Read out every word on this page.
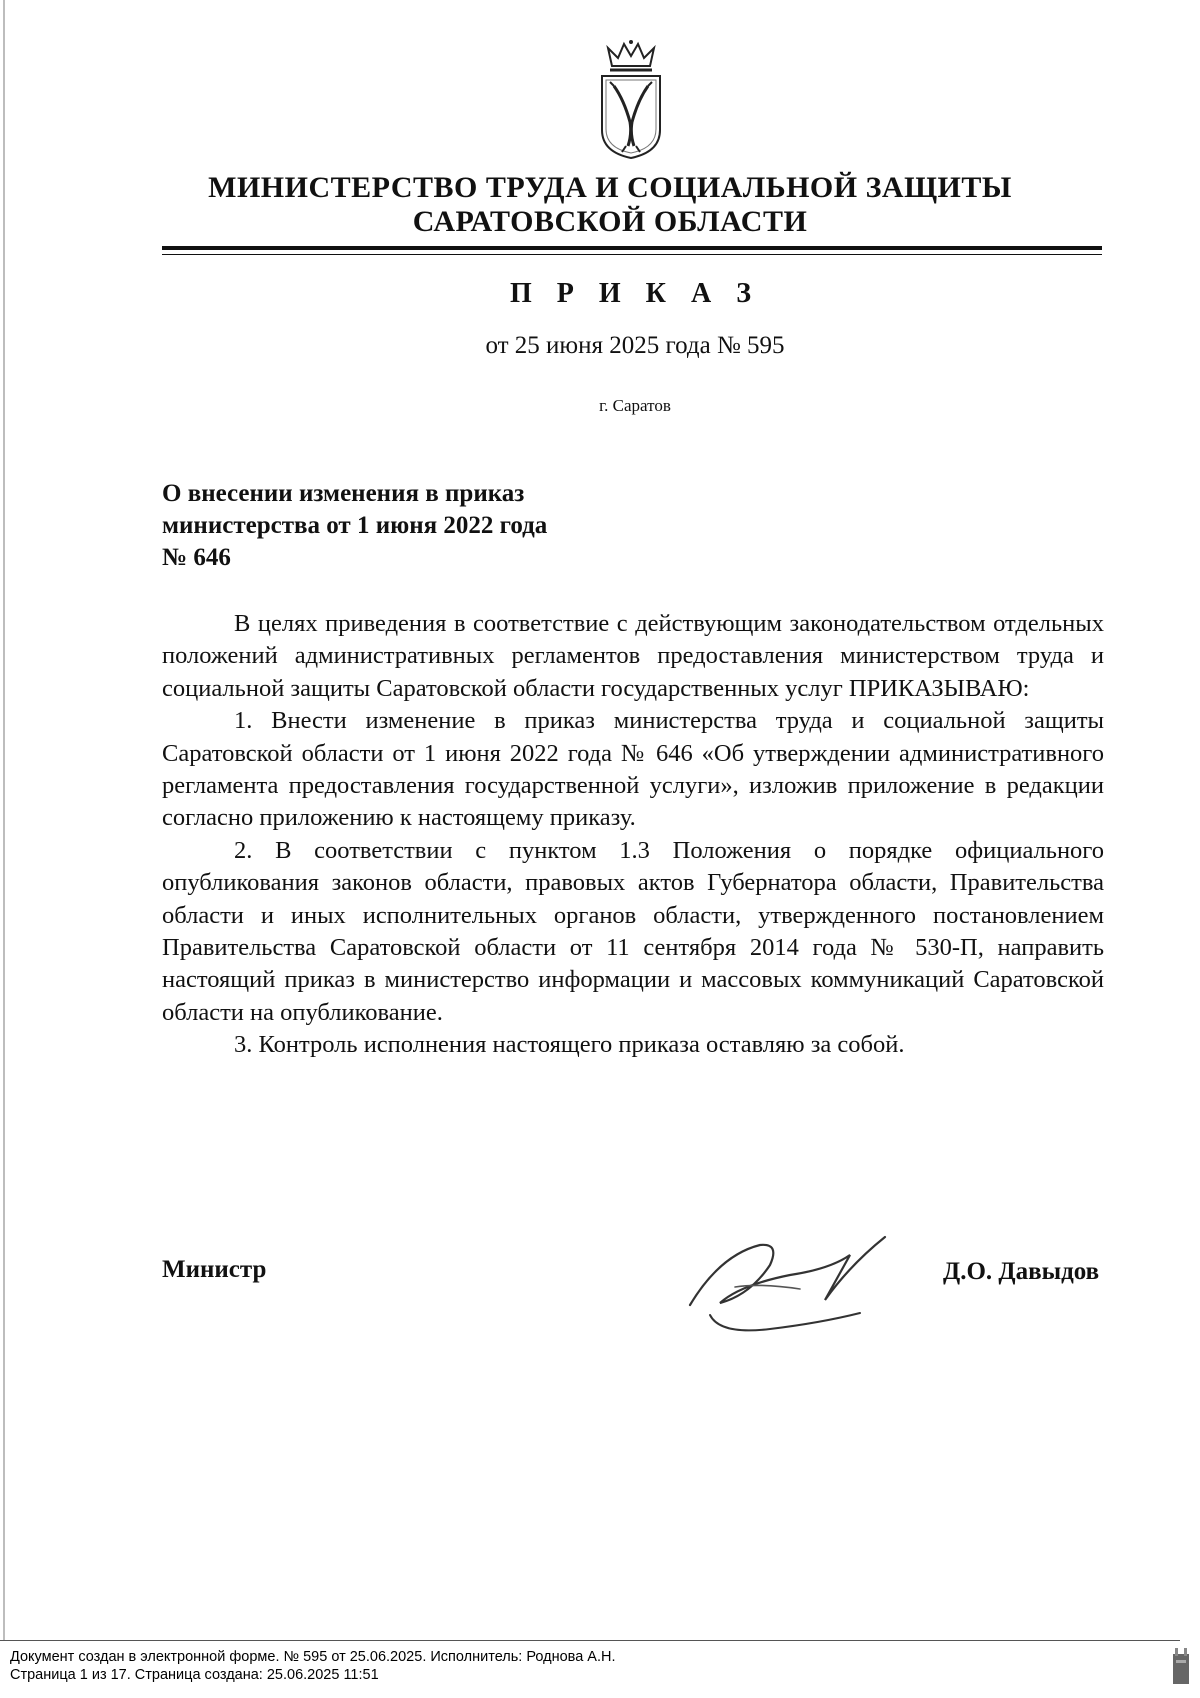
МИНИСТЕРСТВО ТРУДА И СОЦИАЛЬНОЙ ЗАЩИТЫ
САРАТОВСКОЙ ОБЛАСТИ
П Р И К А З
от 25 июня 2025 года № 595
г. Саратов
О внесении изменения в приказ
министерства от 1 июня 2022 года
№ 646

В целях приведения в соответствие с действующим законодательством отдельных положений административных регламентов предоставления министерством труда и социальной защиты Саратовской области государственных услуг ПРИКАЗЫВАЮ:

1. Внести изменение в приказ министерства труда и социальной защиты Саратовской области от 1 июня 2022 года № 646 «Об утверждении административного регламента предоставления государственной услуги», изложив приложение в редакции согласно приложению к настоящему приказу.

2. В соответствии с пунктом 1.3 Положения о порядке официального опубликования законов области, правовых актов Губернатора области, Правительства области и иных исполнительных органов области, утвержденного постановлением Правительства Саратовской области от 11 сентября 2014 года № 530-П, направить настоящий приказ в министерство информации и массовых коммуникаций Саратовской области на опубликование.

3. Контроль исполнения настоящего приказа оставляю за собой.

Министр	Д.О. Давыдов
Документ создан в электронной форме. № 595 от 25.06.2025. Исполнитель: Роднова А.Н.
Страница 1 из 17. Страница создана: 25.06.2025 11:51
